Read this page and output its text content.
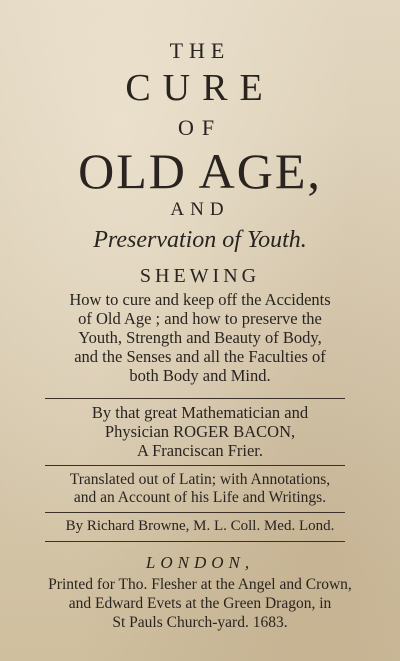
THE
CURE
OF
OLD AGE,
AND
Preservation of Youth.
SHEWING
How to cure and keep off the Accidents
of Old Age ; and how to preserve the
Youth, Strength and Beauty of Body,
and the Senses and all the Faculties of
both Body and Mind.
By that great Mathematician and
Physician ROGER BACON,
A Franciscan Frier.
Translated out of Latin; with Annotations,
and an Account of his Life and Writings.
By Richard Browne, M. L. Coll. Med. Lond.
LONDON,
Printed for Tho. Flesher at the Angel and Crown,
and Edward Evets at the Green Dragon, in
St Pauls Church-yard. 1683.
